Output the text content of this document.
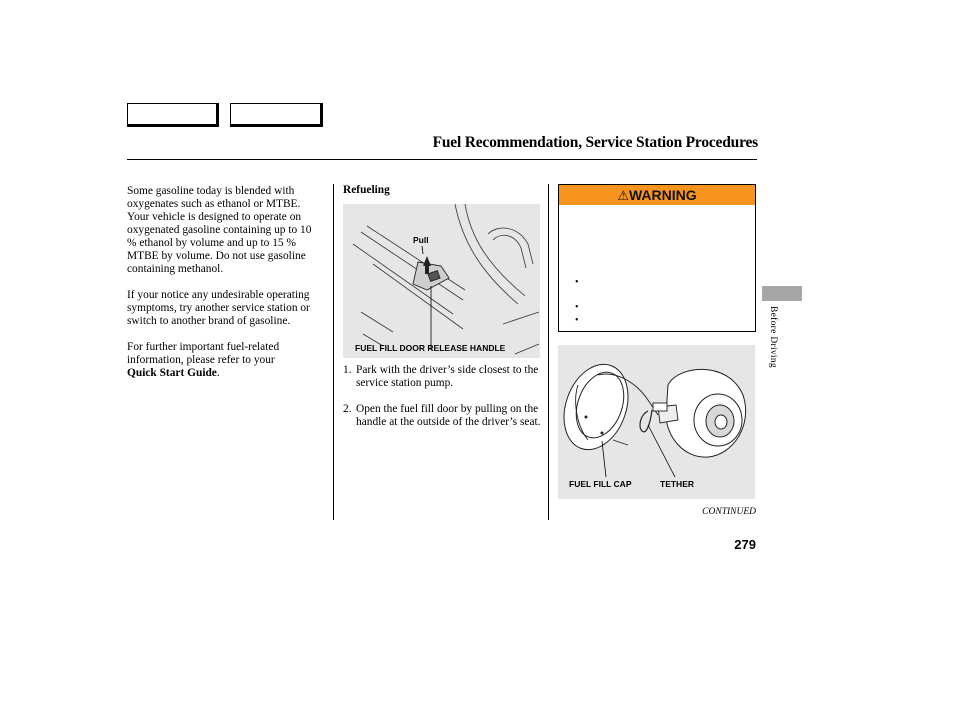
Fuel Recommendation, Service Station Procedures

Some gasoline today is blended with oxygenates such as ethanol or MTBE. Your vehicle is designed to operate on oxygenated gasoline containing up to 10 % ethanol by volume and up to 15 % MTBE by volume. Do not use gasoline containing methanol.

If your notice any undesirable operating symptoms, try another service station or switch to another brand of gasoline.

For further important fuel-related information, please refer to your
Quick Start Guide.

Refueling
Pull
FUEL FILL DOOR RELEASE HANDLE
1. Park with the driver’s side closest to the service station pump.
2. Open the fuel fill door by pulling on the handle at the outside of the driver’s seat.
⚠WARNING
•
•
•
FUEL FILL CAP	TETHER
CONTINUED
279
Before Driving
